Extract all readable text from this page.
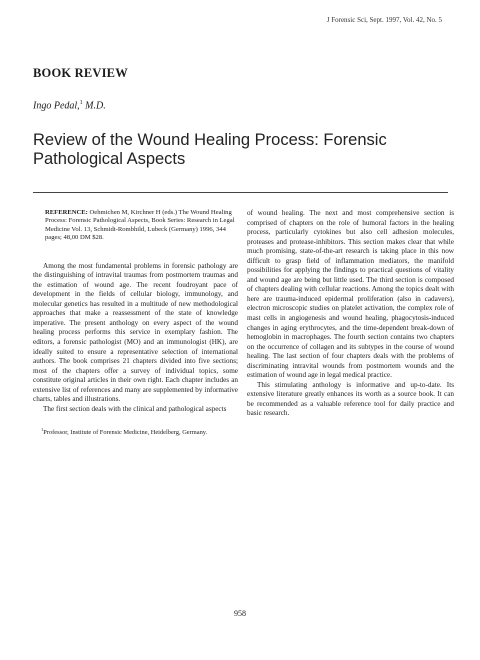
J Forensic Sci, Sept. 1997, Vol. 42, No. 5
BOOK REVIEW
Ingo Pedal,$^1$ M.D.
Review of the Wound Healing Process: Forensic Pathological Aspects
REFERENCE: Oehmichen M, Kirchner H (eds.) The Wound Healing Process: Forensic Pathological Aspects, Book Series: Research in Legal Medicine Vol. 13, Schmidt-Rombhild, Lubeck (Germany) 1996, 344 pages; 48,00 DM $28.

Among the most fundamental problems in forensic pathology are the distinguishing of intravital traumas from postmortem traumas and the estimation of wound age. The recent foudroyant pace of development in the fields of cellular biology, immunology, and molecular genetics has resulted in a multitude of new methodological approaches that make a reassessment of the state of knowledge imperative. The present anthology on every aspect of the wound healing process performs this service in exemplary fashion. The editors, a forensic pathologist (MO) and an immunologist (HK), are ideally suited to ensure a representative selection of international authors. The book comprises 21 chapters divided into five sections; most of the chapters offer a survey of individual topics, some constitute original articles in their own right. Each chapter includes an extensive list of references and many are supplemented by informative charts, tables and illustrations.

The first section deals with the clinical and pathological aspects

$^1$Professor, Institute of Forensic Medicine, Heidelberg, Germany.

of wound healing. The next and most comprehensive section is comprised of chapters on the role of humoral factors in the healing process, particularly cytokines but also cell adhesion molecules, proteases and protease-inhibitors. This section makes clear that while much promising, state-of-the-art research is taking place in this now difficult to grasp field of inflammation mediators, the manifold possibilities for applying the findings to practical questions of vitality and wound age are being but little used. The third section is composed of chapters dealing with cellular reactions. Among the topics dealt with here are trauma-induced epidermal proliferation (also in cadavers), electron microscopic studies on platelet activation, the complex role of mast cells in angiogenesis and wound healing, phagocytosis-induced changes in aging erythrocytes, and the time-dependent break-down of hemoglobin in macrophages. The fourth section contains two chapters on the occurrence of collagen and its subtypes in the course of wound healing. The last section of four chapters deals with the problems of discriminating intravital wounds from postmortem wounds and the estimation of wound age in legal medical practice.

This stimulating anthology is informative and up-to-date. Its extensive literature greatly enhances its worth as a source book. It can be recommended as a valuable reference tool for daily practice and basic research.

958
